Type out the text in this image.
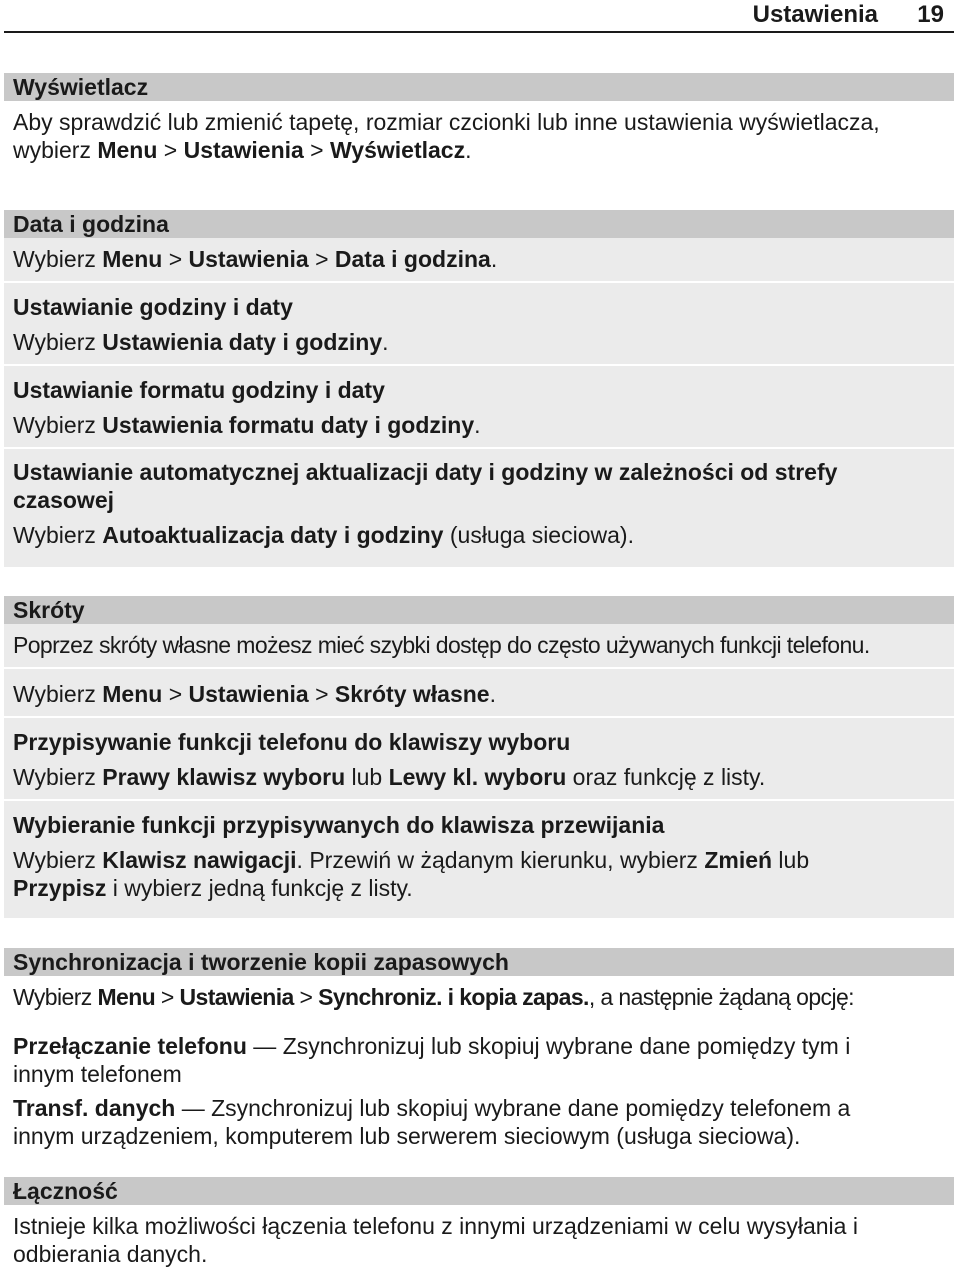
Ustawienia 19
Wyświetlacz
Aby sprawdzić lub zmienić tapetę, rozmiar czcionki lub inne ustawienia wyświetlacza,
wybierz Menu > Ustawienia > Wyświetlacz.
Data i godzina
Wybierz Menu > Ustawienia > Data i godzina.
Ustawianie godziny i daty
Wybierz Ustawienia daty i godziny.
Ustawianie formatu godziny i daty
Wybierz Ustawienia formatu daty i godziny.
Ustawianie automatycznej aktualizacji daty i godziny w zależności od strefy czasowej
Wybierz Autoaktualizacja daty i godziny (usługa sieciowa).
Skróty
Poprzez skróty własne możesz mieć szybki dostęp do często używanych funkcji telefonu.
Wybierz Menu > Ustawienia > Skróty własne.
Przypisywanie funkcji telefonu do klawiszy wyboru
Wybierz Prawy klawisz wyboru lub Lewy kl. wyboru oraz funkcję z listy.
Wybieranie funkcji przypisywanych do klawisza przewijania
Wybierz Klawisz nawigacji. Przewiń w żądanym kierunku, wybierz Zmień lub
Przypisz i wybierz jedną funkcję z listy.
Synchronizacja i tworzenie kopii zapasowych
Wybierz Menu > Ustawienia > Synchroniz. i kopia zapas., a następnie żądaną opcję:
Przełączanie telefonu — Zsynchronizuj lub skopiuj wybrane dane pomiędzy tym i
innym telefonem
Transf. danych — Zsynchronizuj lub skopiuj wybrane dane pomiędzy telefonem a
innym urządzeniem, komputerem lub serwerem sieciowym (usługa sieciowa).
Łączność
Istnieje kilka możliwości łączenia telefonu z innymi urządzeniami w celu wysyłania i
odbierania danych.
